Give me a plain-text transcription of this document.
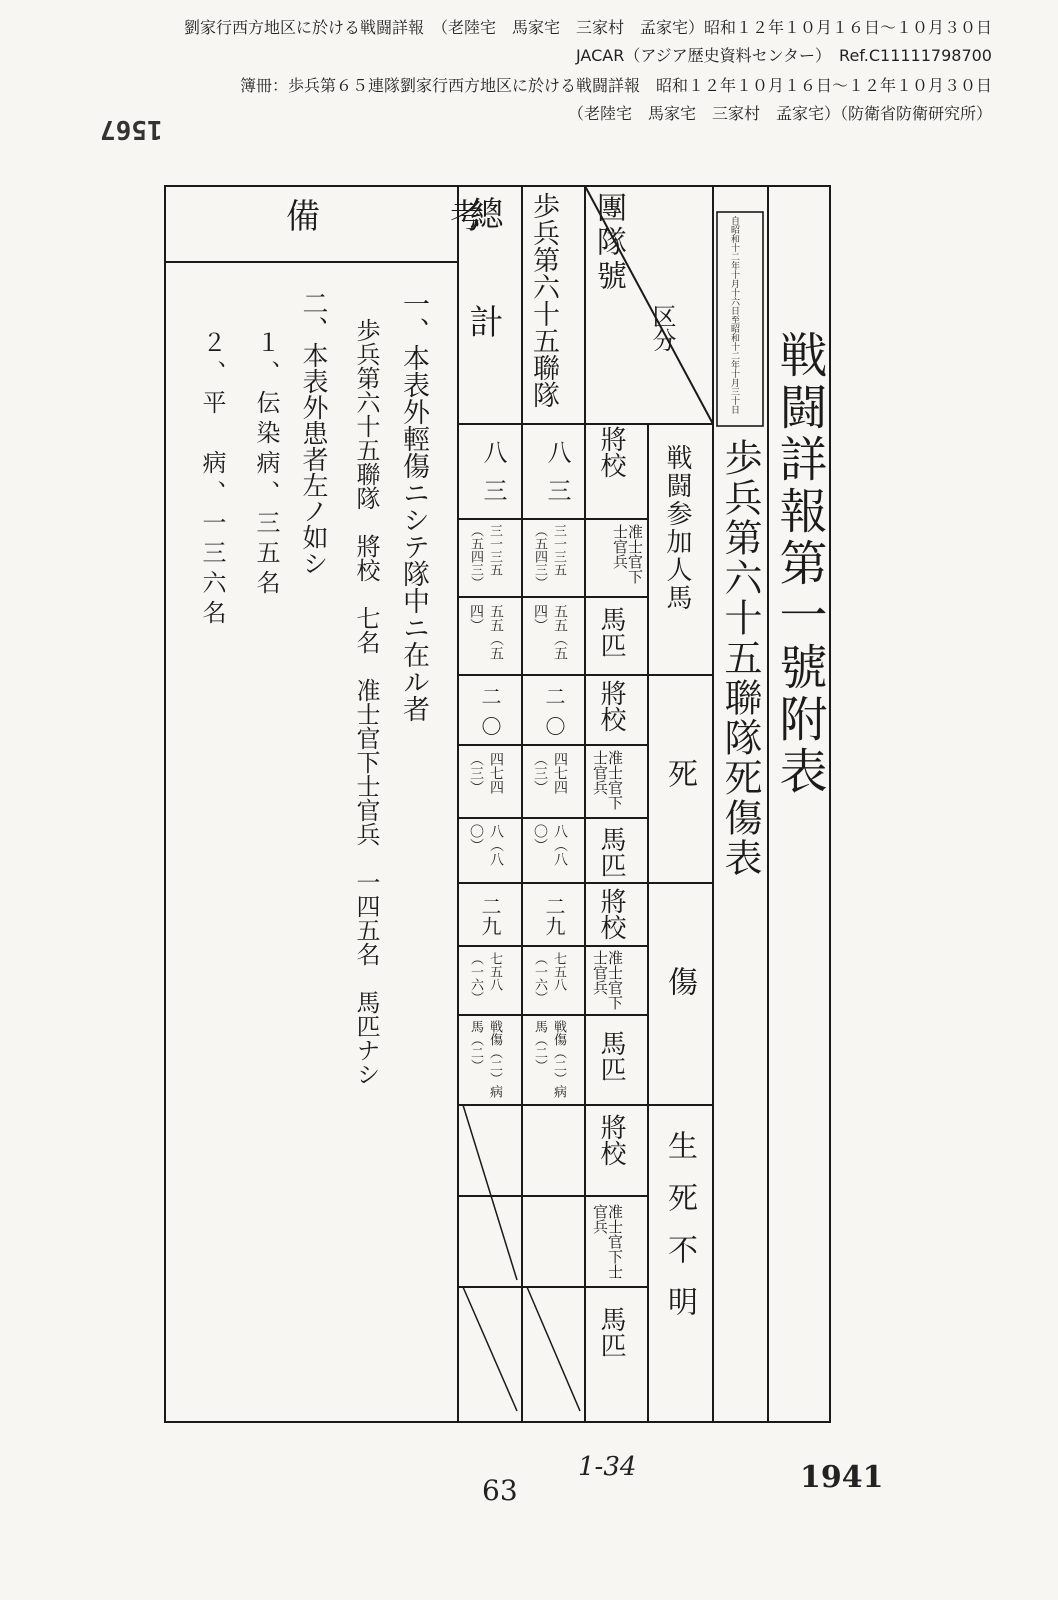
劉家行西方地区に於ける戦闘詳報　（老陸宅　馬家宅　三家村　孟家宅）昭和１２年１０月１６日～１０月３０日
JACAR（アジア歴史資料センター）　Ref.C11111798700
簿冊：歩兵第６５連隊劉家行西方地区に於ける戦闘詳報　昭和１２年１０月１６日～１２年１０月３０日
（老陸宅　馬家宅　三家村　孟家宅）（防衛省防衛研究所）
1567
戦闘詳報第一號附表
歩兵第六十五聯隊死傷表
自昭和十二年十月十六日至昭和十二年十月三十日
区分
團隊號
歩兵第六十五聯隊
總計
備考
戦闘参加人馬
死
傷
生死不明
將校
准士官下士官兵
馬匹
將校
准士官下士官兵
馬匹
將校
准士官下士官兵
馬匹
將校
准士官下士官兵
馬匹
八三
三一三五（五四三）
五五（五四）
二〇
四七四（三）
八（八〇）
二九
七五八（一六）
戦傷（二）病馬（二）
八三
三一三五（五四三）
五五（五四）
二〇
四七四（三）
八（八〇）
二九
七五八（一六）
戦傷（二）病馬（二）
一、本表外輕傷ニシテ隊中ニ在ル者
歩兵第六十五聯隊　將校　七名　准士官下士官兵　一四五名　馬匹ナシ
二、本表外患者左ノ如シ
１、伝染病、三五名
２、平　病、一三六名
63
1-34	1941
